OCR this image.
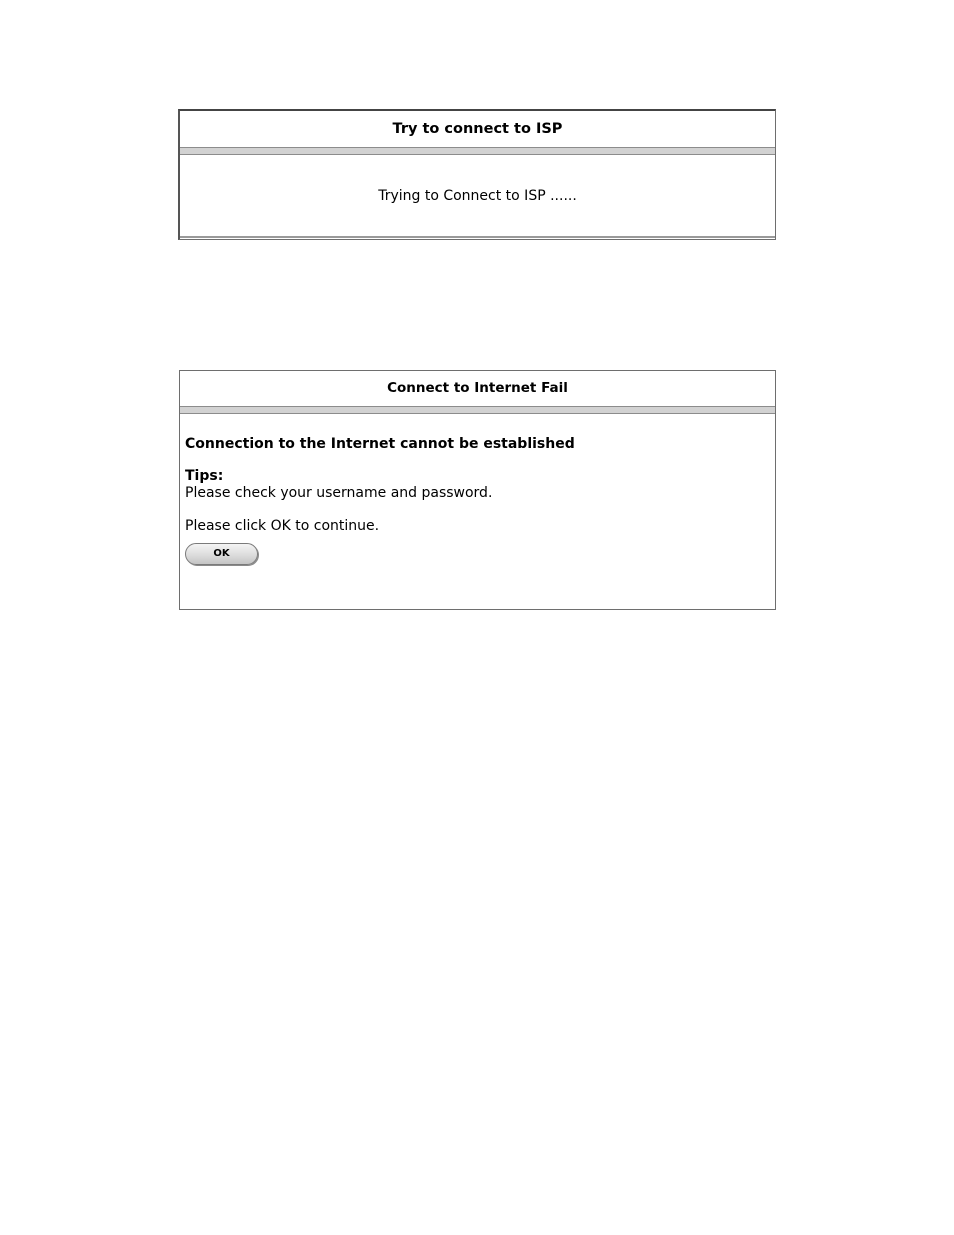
Try to connect to ISP
Trying to Connect to ISP ......
Connect to Internet Fail
Connection to the Internet cannot be established
Tips:
Please check your username and password.
Please click OK to continue.
OK
